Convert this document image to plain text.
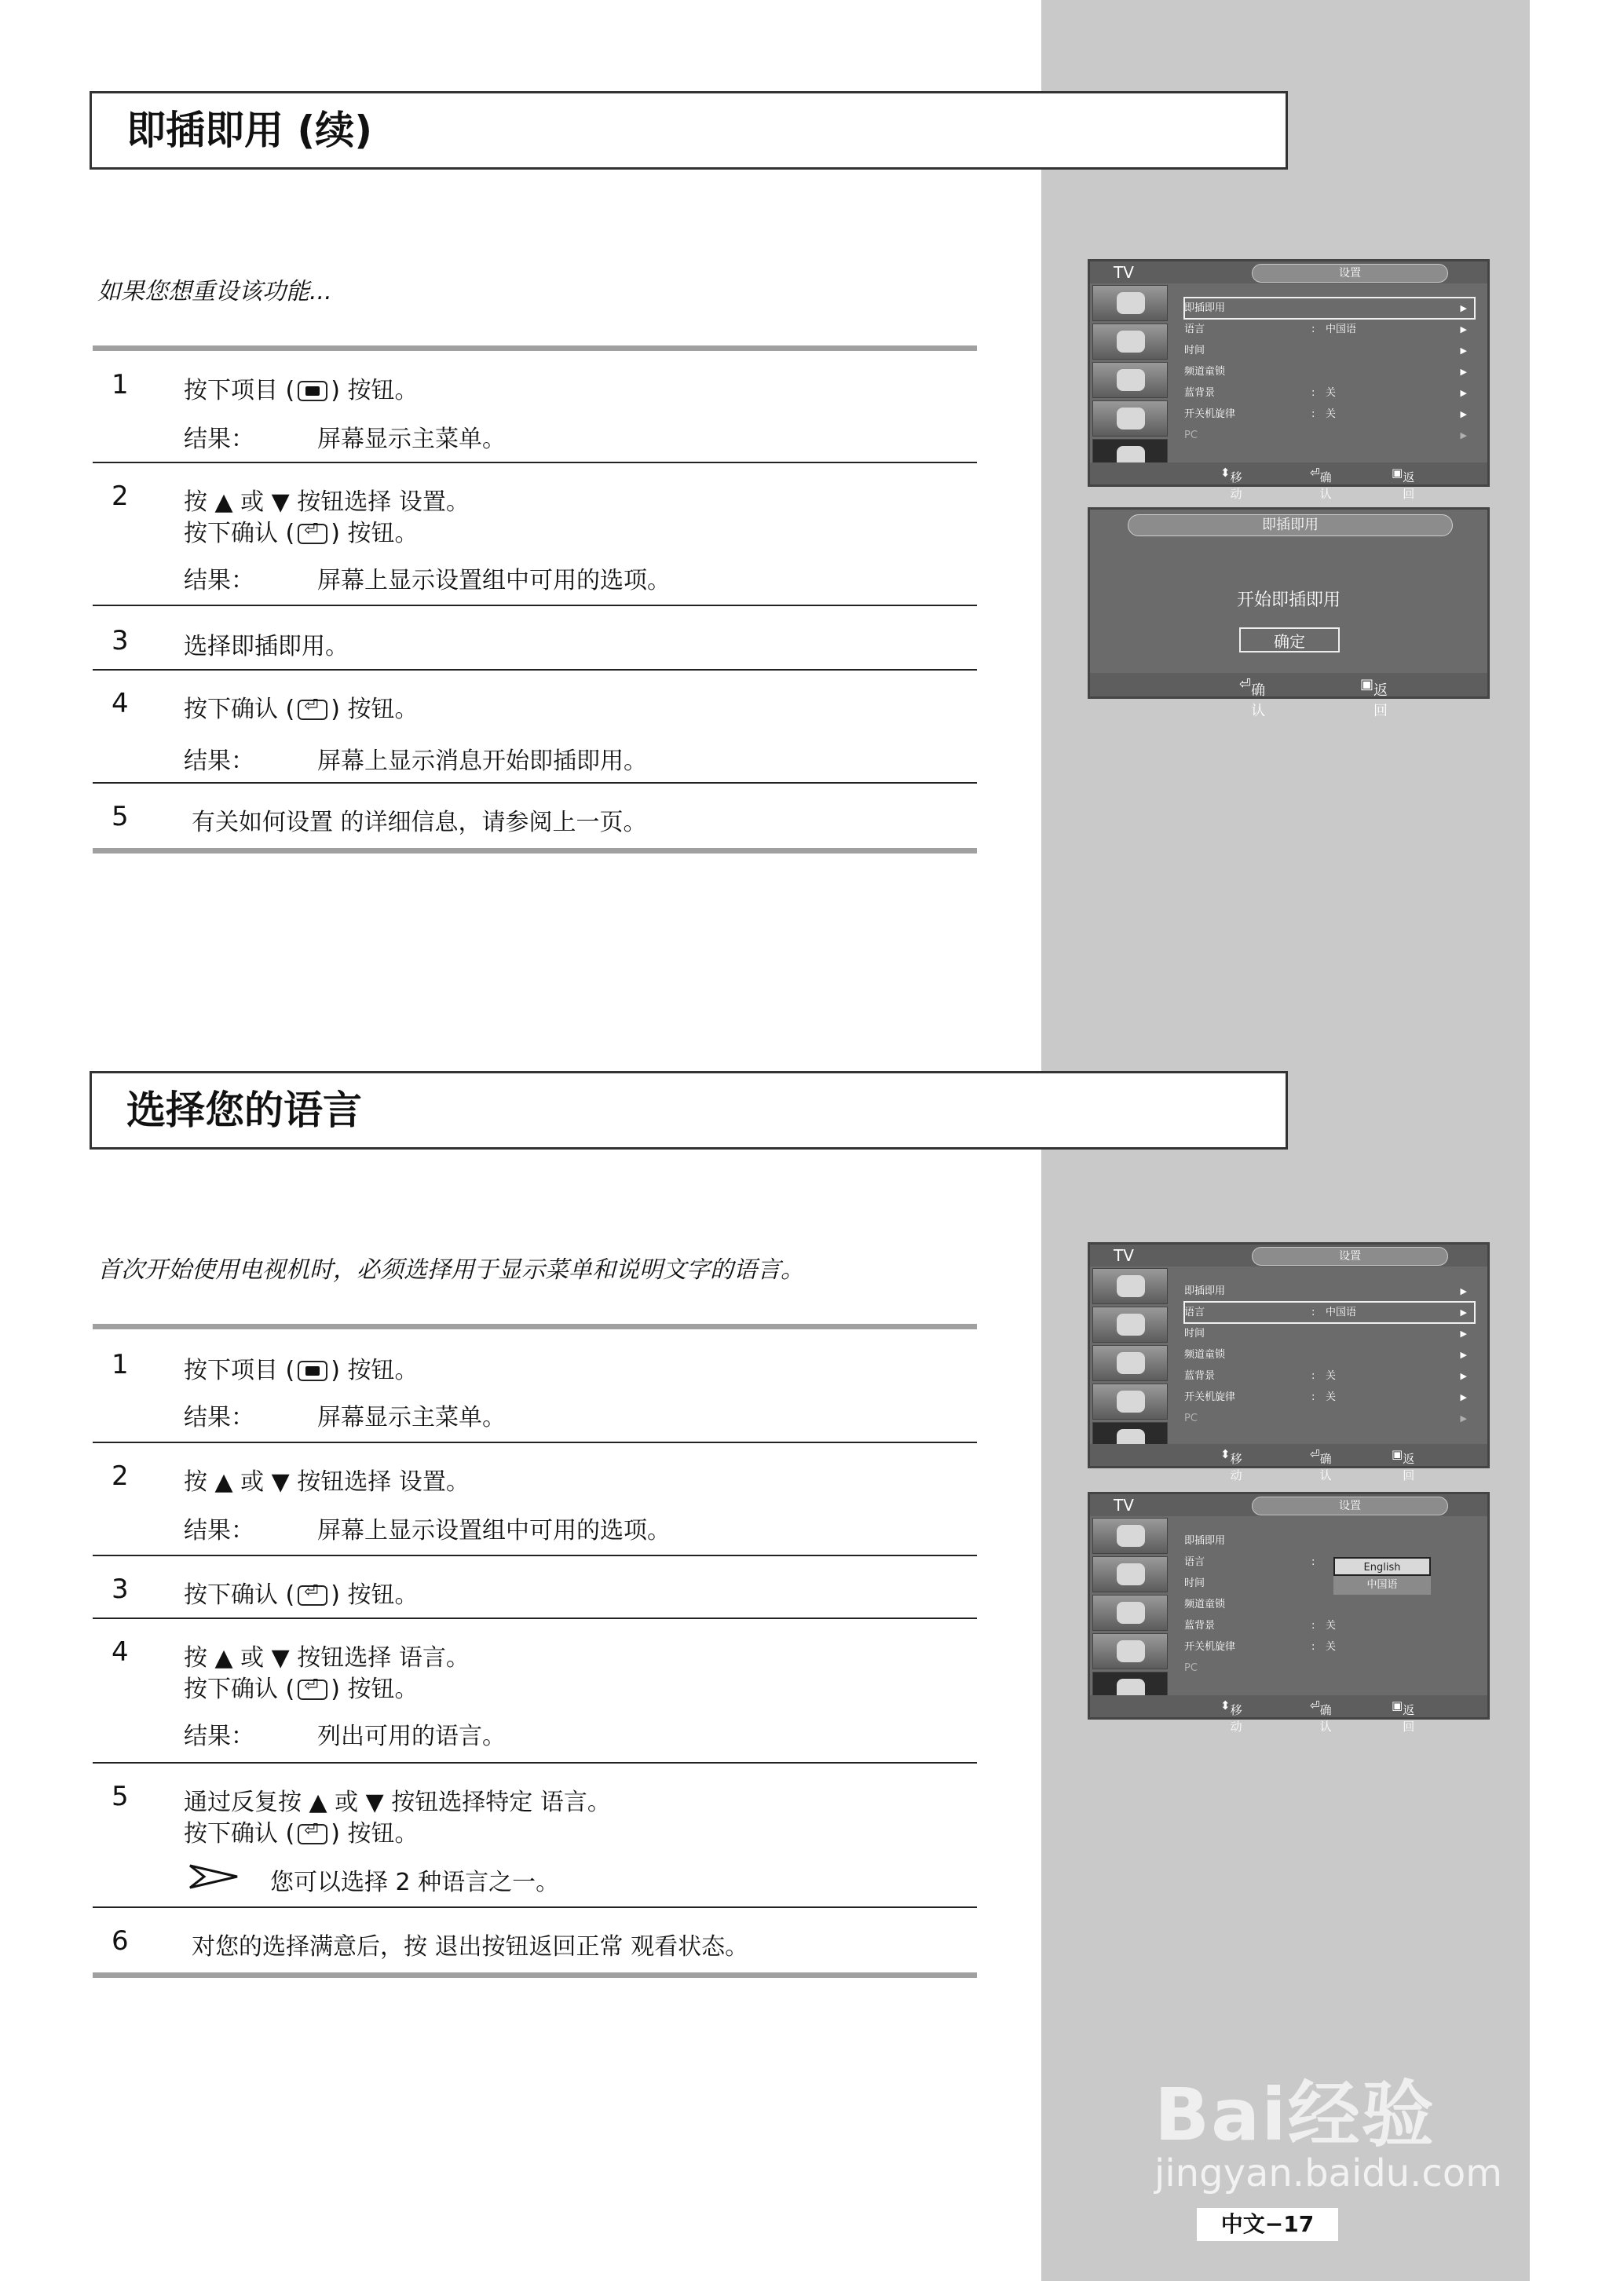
即插即用 (续)
如果您想重设该功能...
1 按下项目 ( ) 按钮。
结果：	屏幕显示主菜单。
2 按 ▲ 或 ▼ 按钮选择 设置。
按下确认 ( ⏎ ) 按钮。
结果：	屏幕上显示设置组中可用的选项。
3 选择即插即用。
4 按下确认 ( ⏎ ) 按钮。
结果：	屏幕上显示消息开始即插即用。
5	有关如何设置 的详细信息，请参阅上一页。
选择您的语言
首次开始使用电视机时，必须选择用于显示菜单和说明文字的语言。
1 按下项目 ( ) 按钮。
结果：	屏幕显示主菜单。
2 按 ▲ 或 ▼ 按钮选择 设置。
结果：	屏幕上显示设置组中可用的选项。
3 按下确认 ( ⏎ ) 按钮。
4 按 ▲ 或 ▼ 按钮选择 语言。
按下确认 ( ⏎ ) 按钮。
结果：	列出可用的语言。
5 通过反复按 ▲ 或 ▼ 按钮选择特定 语言。
按下确认 ( ⏎ ) 按钮。
您可以选择 2 种语言之一。
6	对您的选择满意后，按 退出按钮返回正常 观看状态。
TV	设置
即插即用	▶
语言	: 中国语	▶
时间	▶
频道童锁	▶
蓝背景	: 关	▶
开关机旋律	: 关	▶
PC	▶
⬍ 移动
⏎ 确认
▣ 返回
即插即用
开始即插即用
确定
⏎ 确认
▣ 返回
TV	设置
即插即用	▶
语言	: 中国语	▶
时间	▶
频道童锁	▶
蓝背景	: 关	▶
开关机旋律	: 关	▶
PC	▶
⬍ 移动
⏎ 确认
▣ 返回
TV	设置
即插即用
语言	:
时间
频道童锁
蓝背景	: 关
开关机旋律	: 关
PC
English
中国语
⬍ 移动
⏎ 确认
▣ 返回
Bai经验
jingyan.baidu.com
中文−17
